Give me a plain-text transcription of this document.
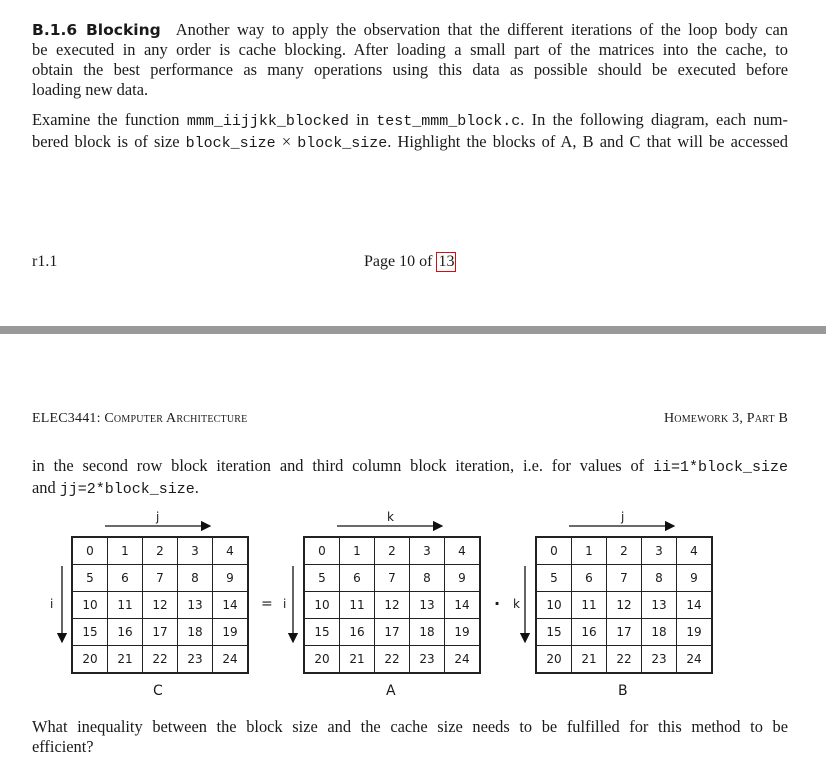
B.1.6 Blocking Another way to apply the observation that the different iterations of the loop body can
be executed in any order is cache blocking. After loading a small part of the matrices into the cache, to
obtain the best performance as many operations using this data as possible should be executed before
loading new data.
Examine the function mmm_iijjkk_blocked in test_mmm_block.c. In the following diagram, each num-
bered block is of size block_size × block_size. Highlight the blocks of A, B and C that will be accessed
r1.1	Page 10 of 13
ELEC3441: Computer Architecture	Homework 3, Part B
in the second row block iteration and third column block iteration, i.e. for values of ii=1*block_size
and jj=2*block_size.
j
i
k
i
j
k
=	·
0	1	2	3	4
5	6	7	8	9
10	11	12	13	14
15	16	17	18	19
20	21	22	23	24
0	1	2	3	4
5	6	7	8	9
10	11	12	13	14
15	16	17	18	19
20	21	22	23	24
0	1	2	3	4
5	6	7	8	9
10	11	12	13	14
15	16	17	18	19
20	21	22	23	24
C	A	B
What inequality between the block size and the cache size needs to be fulfilled for this method to be
efficient?
